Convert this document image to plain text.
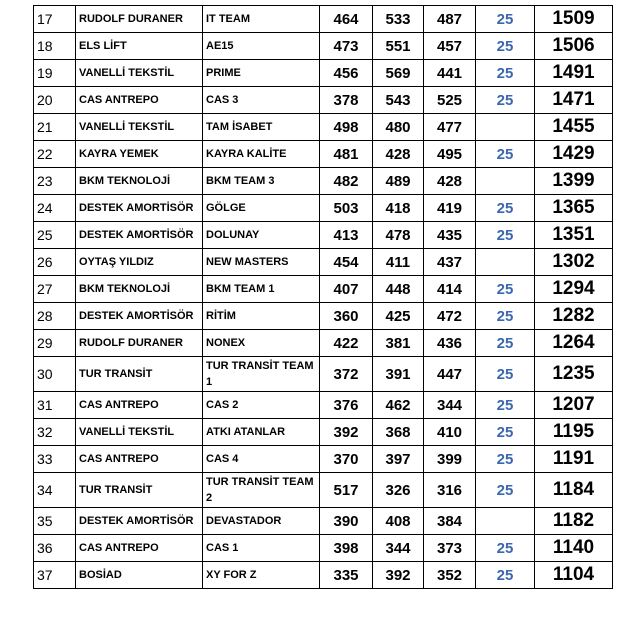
17	RUDOLF DURANER	IT TEAM	464	533	487	25	1509
18	ELS LİFT	AE15	473	551	457	25	1506
19	VANELLİ TEKSTİL	PRIME	456	569	441	25	1491
20	CAS ANTREPO	CAS 3	378	543	525	25	1471
21	VANELLİ TEKSTİL	TAM İSABET	498	480	477		1455
22	KAYRA YEMEK	KAYRA KALİTE	481	428	495	25	1429
23	BKM TEKNOLOJİ	BKM TEAM 3	482	489	428		1399
24	DESTEK AMORTİSÖR	GÖLGE	503	418	419	25	1365
25	DESTEK AMORTİSÖR	DOLUNAY	413	478	435	25	1351
26	OYTAŞ YILDIZ	NEW MASTERS	454	411	437		1302
27	BKM TEKNOLOJİ	BKM TEAM 1	407	448	414	25	1294
28	DESTEK AMORTİSÖR	RİTİM	360	425	472	25	1282
29	RUDOLF DURANER	NONEX	422	381	436	25	1264
30	TUR TRANSİT	TUR TRANSİT TEAM 1	372	391	447	25	1235
31	CAS ANTREPO	CAS 2	376	462	344	25	1207
32	VANELLİ TEKSTİL	ATKI ATANLAR	392	368	410	25	1195
33	CAS ANTREPO	CAS 4	370	397	399	25	1191
34	TUR TRANSİT	TUR TRANSİT TEAM 2	517	326	316	25	1184
35	DESTEK AMORTİSÖR	DEVASTADOR	390	408	384		1182
36	CAS ANTREPO	CAS 1	398	344	373	25	1140
37	BOSİAD	XY FOR Z	335	392	352	25	1104
